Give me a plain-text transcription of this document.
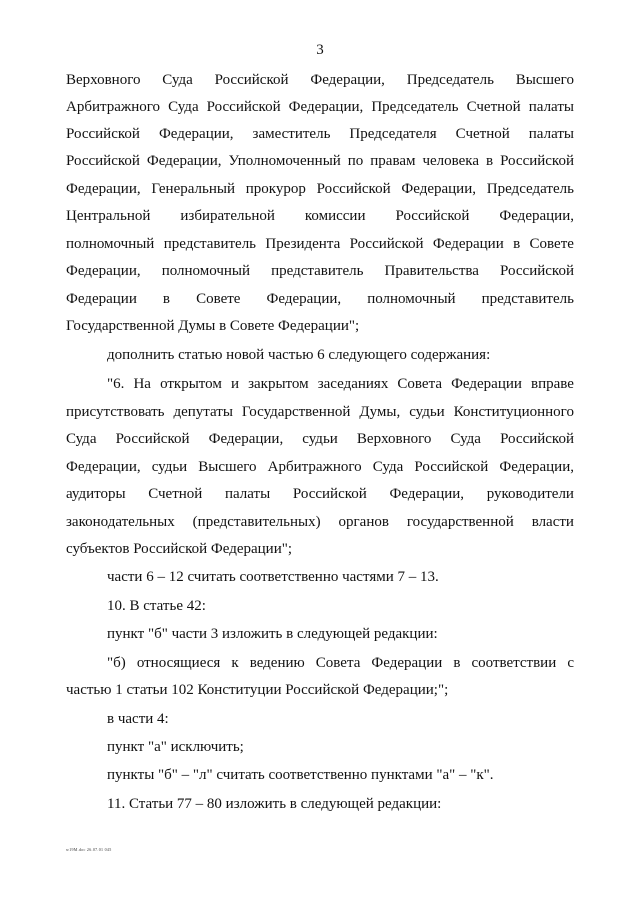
3
Верховного Суда Российской Федерации, Председатель Высшего
Арбитражного Суда Российской Федерации, Председатель Счетной палаты
Российской Федерации, заместитель Председателя Счетной палаты
Российской Федерации, Уполномоченный по правам человека в Российской
Федерации, Генеральный прокурор Российской Федерации, Председатель
Центральной избирательной комиссии Российской Федерации,
полномочный представитель Президента Российской Федерации в Совете
Федерации, полномочный представитель Правительства Российской
Федерации в Совете Федерации, полномочный представитель
Государственной Думы в Совете Федерации";
дополнить статью новой частью 6 следующего содержания:
"6. На открытом и закрытом заседаниях Совета Федерации вправе
присутствовать депутаты Государственной Думы, судьи Конституционного
Суда Российской Федерации, судьи Верховного Суда Российской
Федерации, судьи Высшего Арбитражного Суда Российской Федерации,
аудиторы Счетной палаты Российской Федерации, руководители
законодательных (представительных) органов государственной власти
субъектов Российской Федерации";
части 6 – 12 считать соответственно частями 7 – 13.
10. В статье 42:
пункт "б" части 3 изложить в следующей редакции:
"б) относящиеся к ведению Совета Федерации в соответствии с
частью 1 статьи 102 Конституции Российской Федерации;";
в части 4:
пункт "а" исключить;
пункты "б" – "л" считать соответственно пунктами "а" – "к".
11. Статьи 77 – 80 изложить в следующей редакции:
w19M.doc 26.07.01 045
